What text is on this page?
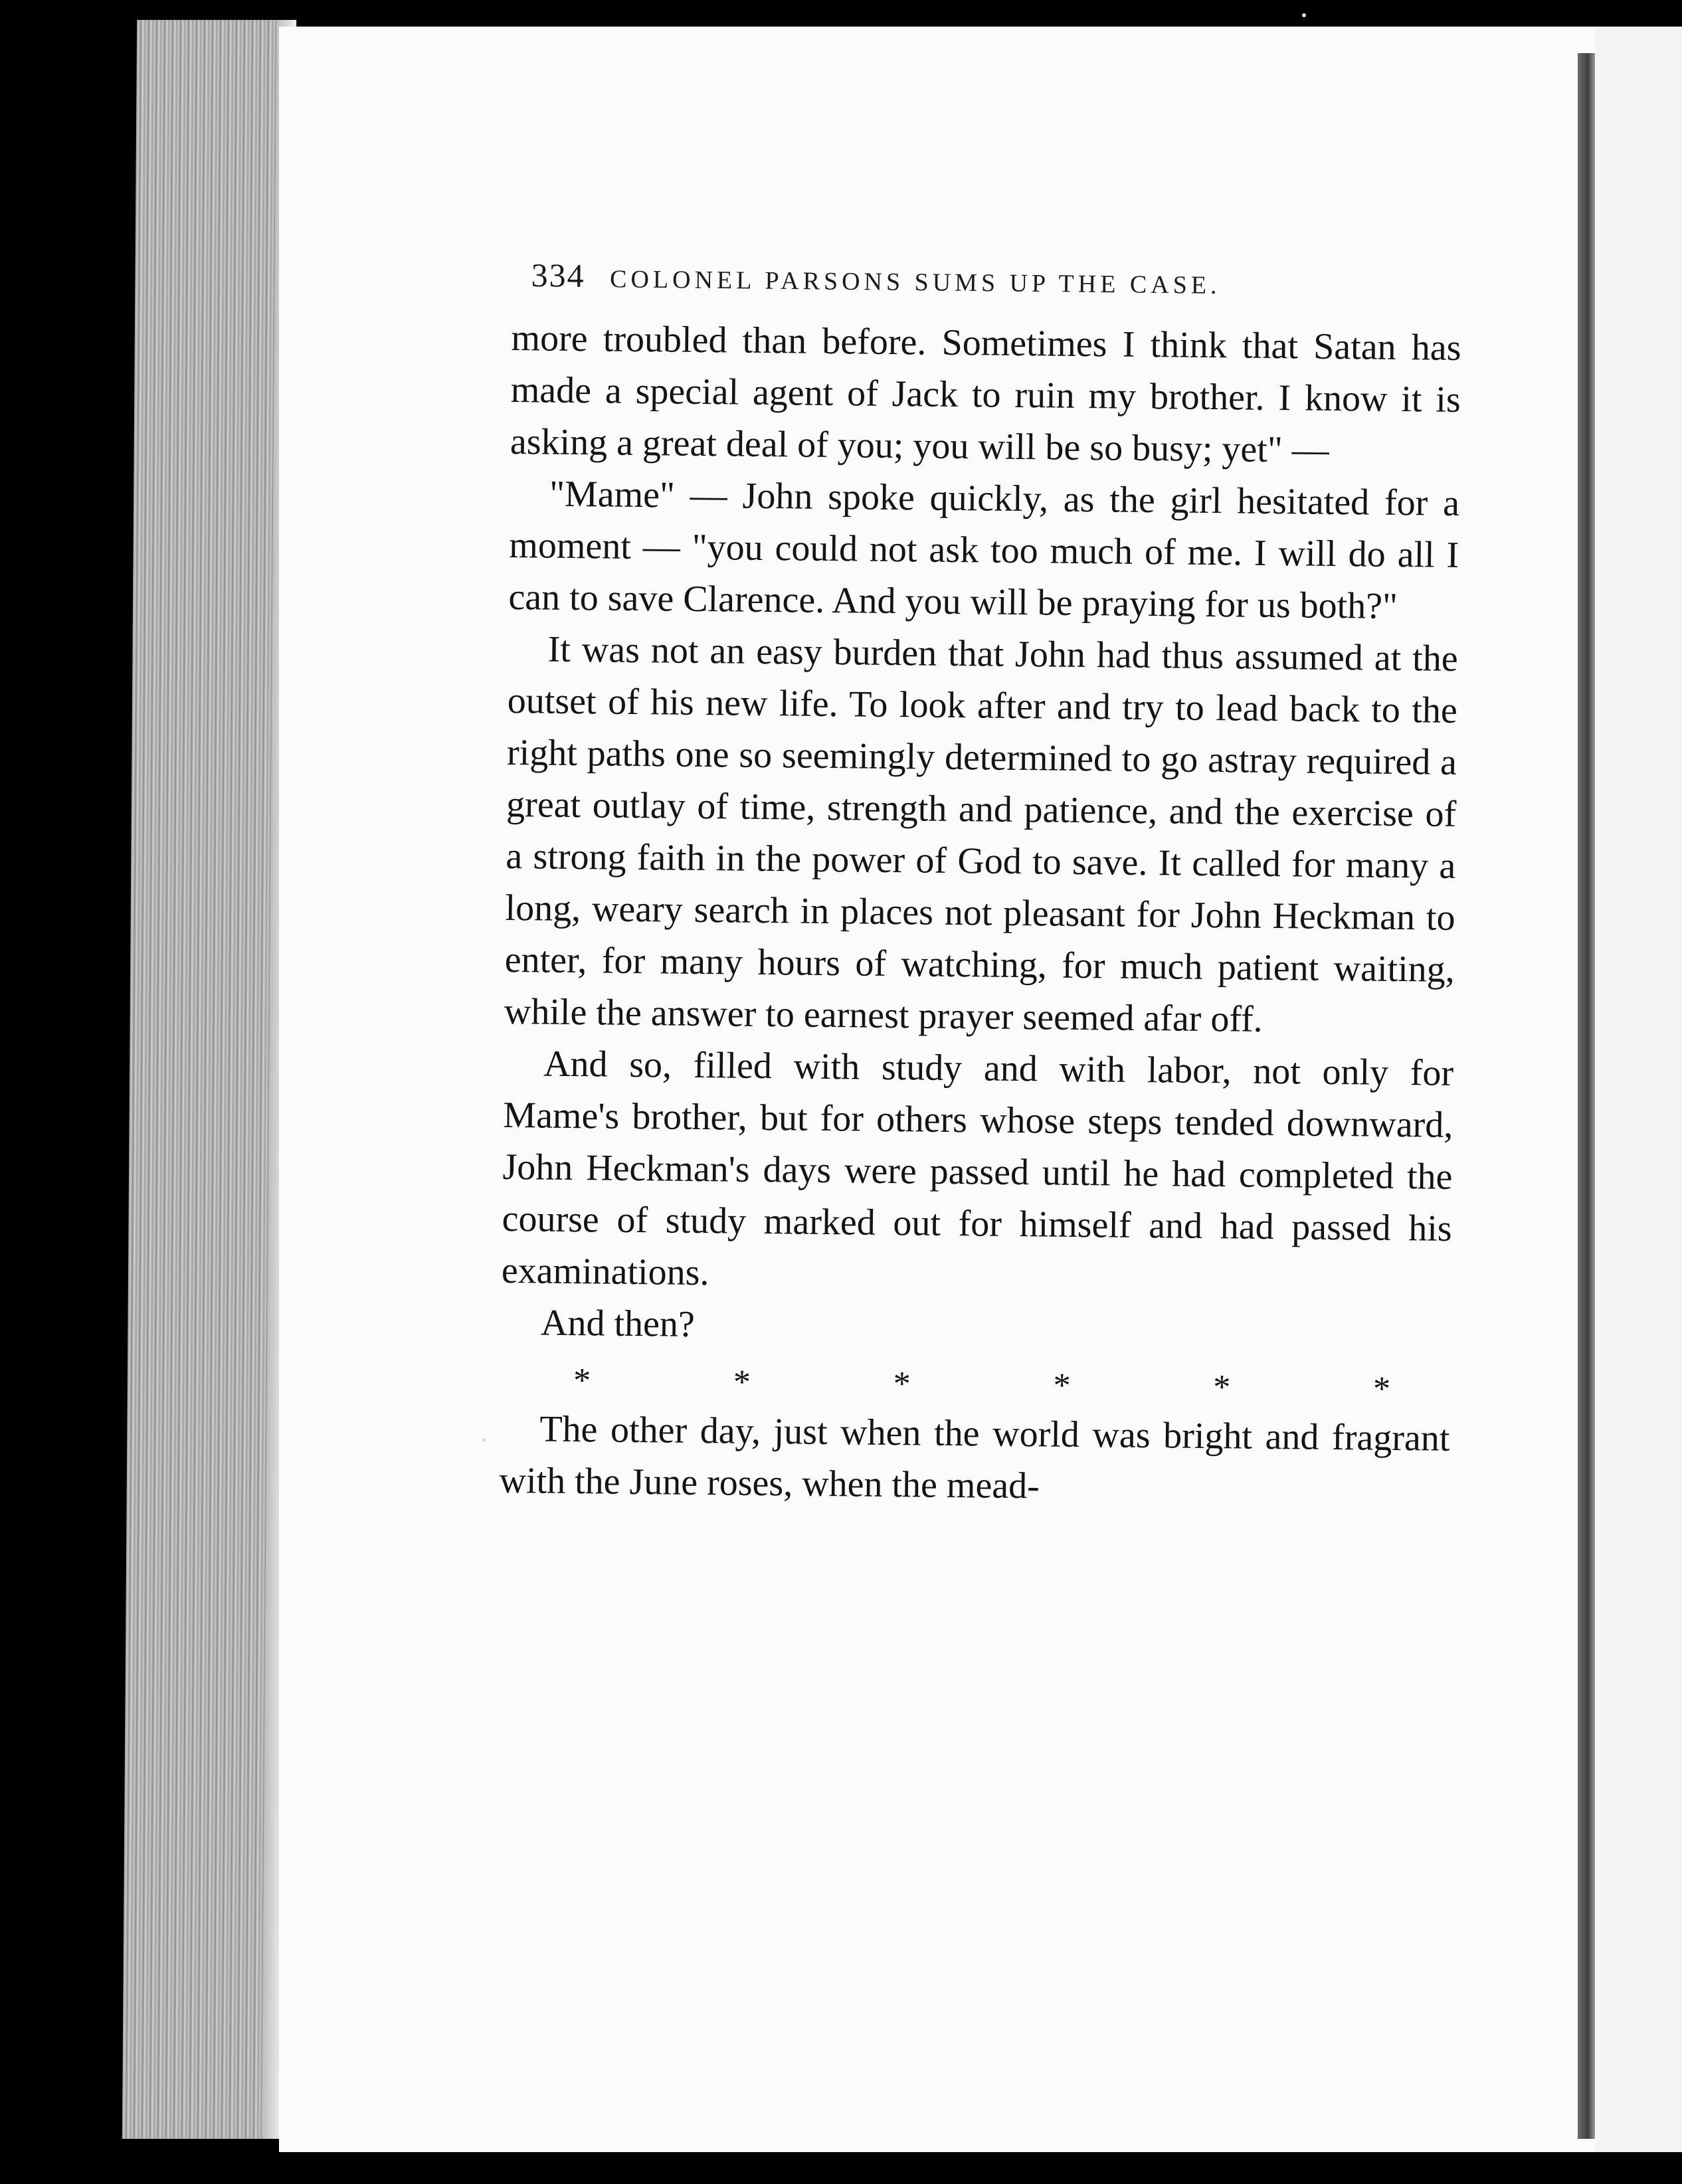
334 COLONEL PARSONS SUMS UP THE CASE.

more troubled than before. Sometimes I think that Satan has made a special agent of Jack to ruin my brother. I know it is asking a great deal of you; you will be so busy; yet" —

"Mame" — John spoke quickly, as the girl hesitated for a moment — "you could not ask too much of me. I will do all I can to save Clarence. And you will be praying for us both?"

It was not an easy burden that John had thus assumed at the outset of his new life. To look after and try to lead back to the right paths one so seemingly determined to go astray required a great outlay of time, strength and patience, and the exercise of a strong faith in the power of God to save. It called for many a long, weary search in places not pleasant for John Heckman to enter, for many hours of watching, for much patient waiting, while the answer to earnest prayer seemed afar off.

And so, filled with study and with labor, not only for Mame's brother, but for others whose steps tended downward, John Heckman's days were passed until he had completed the course of study marked out for himself and had passed his examinations.

And then?

*	*	*	*	*	*

The other day, just when the world was bright and fragrant with the June roses, when the mead-
